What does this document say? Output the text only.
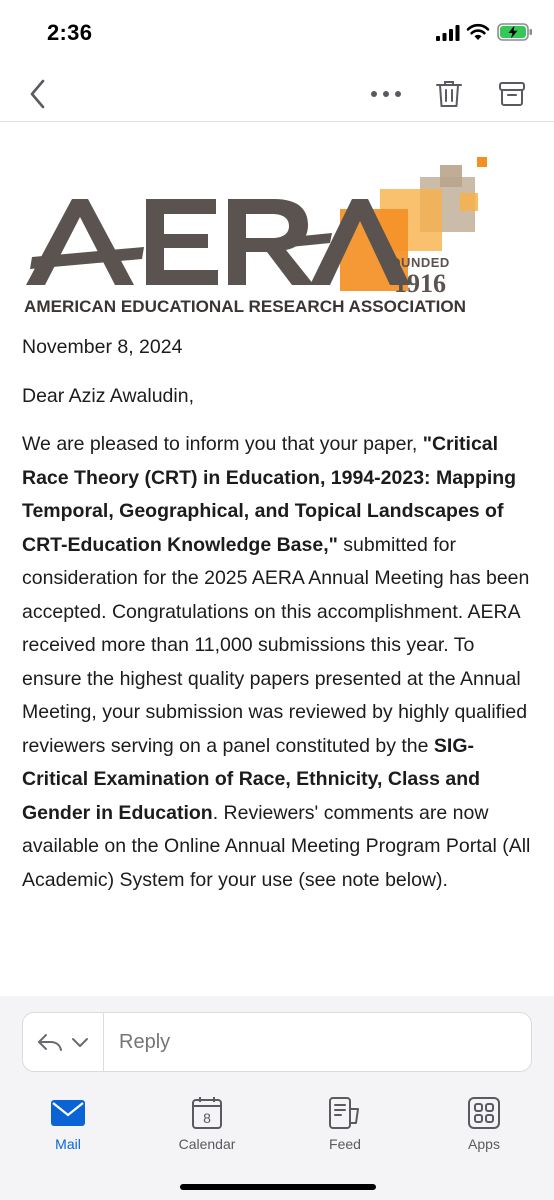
2:36
FOUNDED
1916
AMERICAN EDUCATIONAL RESEARCH ASSOCIATION

November 8, 2024

Dear Aziz Awaludin,

We are pleased to inform you that your paper, "Critical Race Theory (CRT) in Education, 1994-2023: Mapping Temporal, Geographical, and Topical Landscapes of CRT-Education Knowledge Base," submitted for consideration for the 2025 AERA Annual Meeting has been accepted. Congratulations on this accomplishment. AERA received more than 11,000 submissions this year. To ensure the highest quality papers presented at the Annual Meeting, your submission was reviewed by highly qualified reviewers serving on a panel constituted by the SIG-Critical Examination of Race, Ethnicity, Class and Gender in Education. Reviewers' comments are now available on the Online Annual Meeting Program Portal (All Academic) System for your use (see note below).

Reply
Mail
8
Calendar	Feed	Apps
